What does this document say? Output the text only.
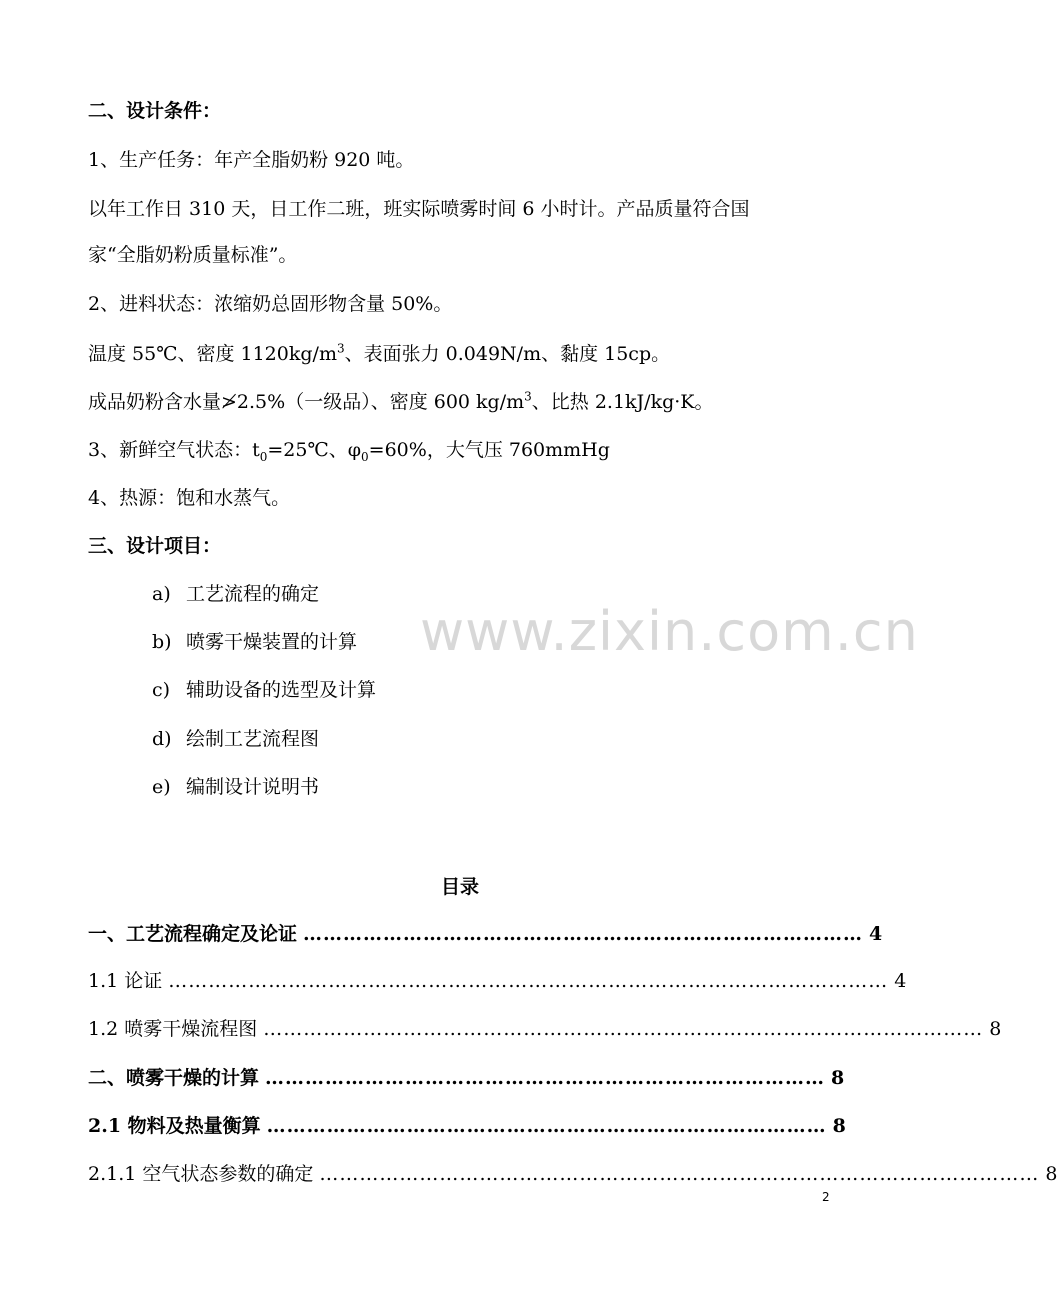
二、设计条件：
1、生产任务：年产全脂奶粉 920 吨。
以年工作日 310 天，日工作二班，班实际喷雾时间 6 小时计。产品质量符合国
家“全脂奶粉质量标准”。
2、进料状态：浓缩奶总固形物含量 50%。
温度 55℃、密度 $1120kg/m^3$、表面张力 0.049N/m、黏度 15cp。
成品奶粉含水量≯2.5%（一级品）、密度 600 $kg/m^3$、比热 2.1kJ/kg·K。
3、新鲜空气状态：$t_0=25℃$、$\varphi_0=60\%$，大气压 760mmHg
4、热源：饱和水蒸气。
三、设计项目：
a) 工艺流程的确定
b) 喷雾干燥装置的计算
c) 辅助设备的选型及计算
d) 绘制工艺流程图
e) 编制设计说明书
www.zixin.com.cn
目录
一、工艺流程确定及论证 ………………………………………………………………………… 4
1.1 论证 ……………………………………………………………………………………………… 4
1.2 喷雾干燥流程图 ……………………………………………………………………………………………… 8
二、喷雾干燥的计算 ………………………………………………………………………… 8
2.1 物料及热量衡算 ………………………………………………………………………… 8
2.1.1 空气状态参数的确定 ……………………………………………………………………………………………… 8
2
